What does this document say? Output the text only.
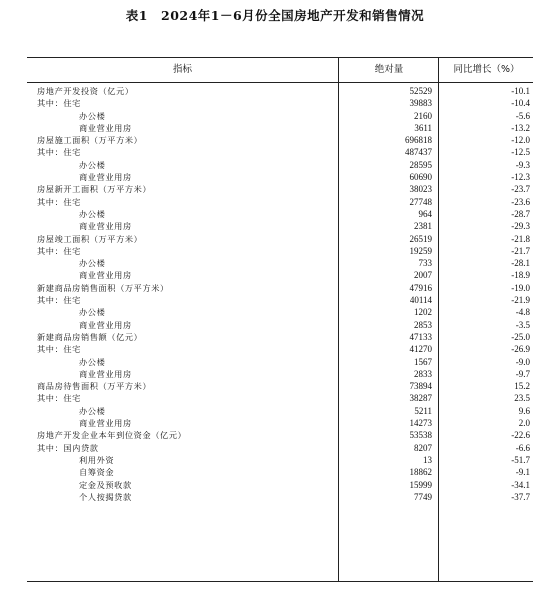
表1　2024年1－6月份全国房地产开发和销售情况
指标	绝对量	同比增长（%）
房地产开发投资（亿元）	52529	-10.1
其中：住宅	39883	-10.4
办公楼	2160	-5.6
商业营业用房	3611	-13.2
房屋施工面积（万平方米）	696818	-12.0
其中：住宅	487437	-12.5
办公楼	28595	-9.3
商业营业用房	60690	-12.3
房屋新开工面积（万平方米）	38023	-23.7
其中：住宅	27748	-23.6
办公楼	964	-28.7
商业营业用房	2381	-29.3
房屋竣工面积（万平方米）	26519	-21.8
其中：住宅	19259	-21.7
办公楼	733	-28.1
商业营业用房	2007	-18.9
新建商品房销售面积（万平方米）	47916	-19.0
其中：住宅	40114	-21.9
办公楼	1202	-4.8
商业营业用房	2853	-3.5
新建商品房销售额（亿元）	47133	-25.0
其中：住宅	41270	-26.9
办公楼	1567	-9.0
商业营业用房	2833	-9.7
商品房待售面积（万平方米）	73894	15.2
其中：住宅	38287	23.5
办公楼	5211	9.6
商业营业用房	14273	2.0
房地产开发企业本年到位资金（亿元）	53538	-22.6
其中：国内贷款	8207	-6.6
利用外资	13	-51.7
自筹资金	18862	-9.1
定金及预收款	15999	-34.1
个人按揭贷款	7749	-37.7
